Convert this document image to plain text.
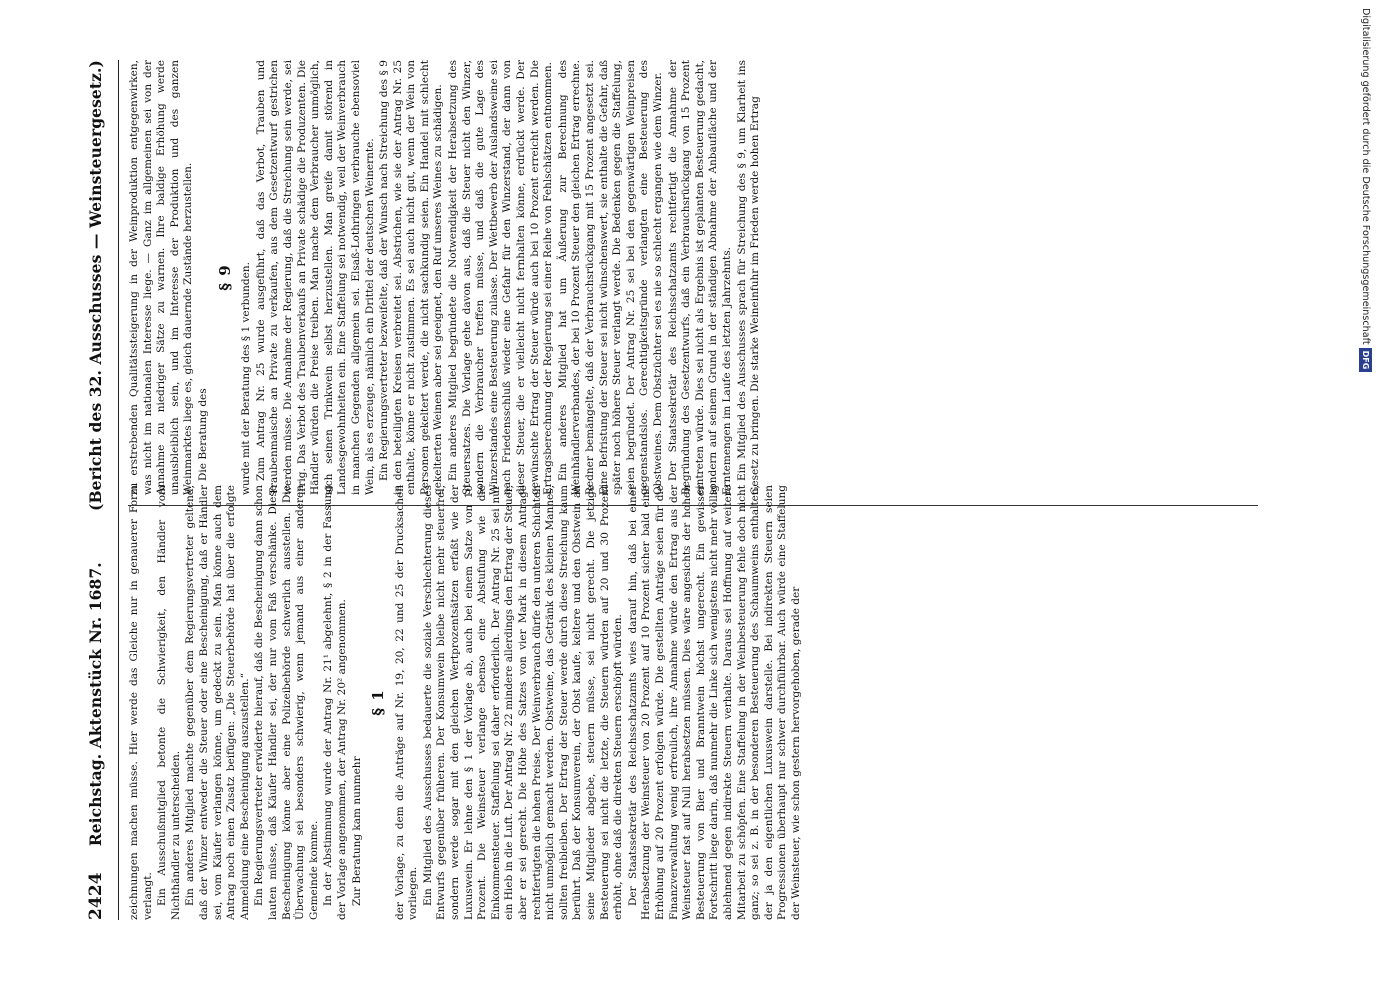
2424
Reichstag. Aktenstück Nr. 1687.
(Bericht des 32. Ausschusses — Weinsteuergesetz.)

zeichnungen machen müsse. Hier werde das Gleiche nur in genauerer Form verlangt. Ein Ausschußmitglied betonte die Schwierigkeit, den Händler vom Nichthändler zu unterscheiden. Ein anderes Mitglied machte gegenüber dem Regierungsvertreter geltend, daß der Winzer entweder die Steuer oder eine Bescheinigung, daß er Händler sei, vom Käufer verlangen könne, um gedeckt zu sein. Man könne auch dem Antrag noch einen Zusatz beifügen: „Die Steuerbehörde hat über die erfolgte Anmeldung eine Bescheinigung auszustellen.“ Ein Regierungsvertreter erwiderte hierauf, daß die Bescheinigung dann schon lauten müsse, daß Käufer Händler sei, der nur vom Faß verschänke. Diese Bescheinigung könne aber eine Polizeibehörde schwerlich ausstellen. Die Überwachung sei besonders schwierig, wenn jemand aus einer anderen Gemeinde komme. In der Abstimmung wurde der Antrag Nr. 21¹ abgelehnt, § 2 in der Fassung der Vorlage angenommen, der Antrag Nr. 20² angenommen. Zur Beratung kam nunmehr

§ 1 der Vorlage, zu dem die Anträge auf Nr. 19, 20, 22 und 25 der Drucksachen vorliegen. Ein Mitglied des Ausschusses bedauerte die soziale Verschlechterung dieses Entwurfs gegenüber früheren. Der Konsumwein bleibe nicht mehr steuerfrei, sondern werde sogar mit den gleichen Wertprozentsätzen erfaßt wie der Luxuswein. Er lehne den § 1 der Vorlage ab, auch bei einem Satze von 10 Prozent. Die Weinsteuer verlange ebenso eine Abstufung wie die Einkommensteuer. Staffelung sei daher erforderlich. Der Antrag Nr. 25 sei nur ein Hieb in die Luft. Der Antrag Nr. 22 mindere allerdings den Ertrag der Steuer, aber er sei gerecht. Die Höhe des Satzes von vier Mark in diesem Antrage rechtfertigten die hohen Preise. Der Weinverbrauch dürfe den unteren Schichten nicht unmöglich gemacht werden. Obstweine, das Getränk des kleinen Mannes, sollten freibleiben. Der Ertrag der Steuer werde durch diese Streichung kaum berührt. Daß der Konsumverein, der Obst kaufe, keltere und den Obstwein an seine Mitglieder abgebe, steuern müsse, sei nicht gerecht. Die jetzige Besteuerung sei nicht die letzte, die Steuern würden auf 20 und 30 Prozent erhöht, ohne daß die direkten Steuern erschöpft würden. Der Staatssekretär des Reichsschatzamts wies darauf hin, daß bei einer Herabsetzung der Weinsteuer von 20 Prozent auf 10 Prozent sicher bald eine Erhöhung auf 20 Prozent erfolgen würde. Die gestellten Anträge seien für die Finanzverwaltung wenig erfreulich, ihre Annahme würde den Ertrag aus der Weinsteuer fast auf Null herabsetzen müssen. Dies wäre angesichts der hohen Besteuerung von Bier und Branntwein höchst ungerecht. Ein gewisser Fortschritt liege darin, daß nunmehr die Linke sich wenigstens nicht mehr völlig ablehnend gegen indirekte Steuern verhalte. Daraus sei Hoffnung auf weitere Mitarbeit zu schöpfen. Eine Staffelung in der Weinbesteuerung fehle doch nicht ganz; so sei z. B. in der besonderen Besteuerung des Schaumweins enthalten, der ja den eigentlichen Luxuswein darstelle. Bei indirekten Steuern seien Progressionen überhaupt nur schwer durchführbar. Auch würde eine Staffelung der Weinsteuer, wie schon gestern hervorgehoben, gerade der

zu erstrebenden Qualitätssteigerung in der Weinproduktion entgegenwirken, was nicht im nationalen Interesse liege. — Ganz im allgemeinen sei von der Annahme zu niedriger Sätze zu warnen. Ihre baldige Erhöhung werde unausbleiblich sein, und im Interesse der Produktion und des ganzen Weinmarktes liege es, gleich dauernde Zustände herzustellen. Die Beratung des

§ 9 wurde mit der Beratung des § 1 verbunden. Zum Antrag Nr. 25 wurde ausgeführt, daß das Verbot, Trauben und Traubenmaische an Private zu verkaufen, aus dem Gesetzentwurf gestrichen werden müsse. Die Annahme der Regierung, daß die Streichung sein werde, sei irrig. Das Verbot des Traubenverkaufs an Private schädige die Produzenten. Die Händler würden die Preise treiben. Man mache dem Verbraucher unmöglich, sich seinen Trinkwein selbst herzustellen. Man greife damit störend in Landesgewohnheiten ein. Eine Staffelung sei notwendig, weil der Weinverbrauch in manchen Gegenden allgemein sei. Elsaß-Lothringen verbrauche ebensoviel Wein, als es erzeuge, nämlich ein Drittel der deutschen Weinernte. Ein Regierungsvertreter bezweifelte, daß der Wunsch nach Streichung des § 9 in den beteiligten Kreisen verbreitet sei. Abstrichen, wie sie der Antrag Nr. 25 enthalte, könne er nicht zustimmen. Es sei auch nicht gut, wenn der Wein von Personen gekeltert werde, die nicht sachkundig seien. Ein Handel mit schlecht gekelterten Weinen aber sei geeignet, den Ruf unseres Weines zu schädigen. Ein anderes Mitglied begründete die Notwendigkeit der Herabsetzung des Steuersatzes. Die Vorlage gehe davon aus, daß die Steuer nicht den Winzer, sondern die Verbraucher treffen müsse, und daß die gute Lage des Winzerstandes eine Besteuerung zulasse. Der Wettbewerb der Auslandsweine sei nach Friedensschluß wieder eine Gefahr für den Winzerstand, der dann von dieser Steuer, die er vielleicht nicht fernhalten könne, erdrückt werde. Der gewünschte Ertrag der Steuer würde auch bei 10 Prozent erreicht werden. Die Ertragsberechnung der Regierung sei einer Reihe von Fehlschätzen entnommen. Ein anderes Mitglied hat um Äußerung zur Berechnung des Weinhändlerverbandes, der bei 10 Prozent Steuer den gleichen Ertrag errechne. Redner bemängelte, daß der Verbrauchsrückgang mit 15 Prozent angesetzt sei. Eine Befristung der Steuer sei nicht wünschenswert, sie enthalte die Gefahr, daß später noch höhere Steuer verlangt werde. Die Bedenken gegen die Staffelung, seien begründet. Der Antrag Nr. 25 sei bei den gegenwärtigen Weinpreisen gegenstandslos. Gerechtigkeitsgründe verlangten eine Besteuerung des Obstweines. Dem Obstzüchter sei es nie so schlecht ergangen wie dem Winzer. Der Staatssekretär des Reichsschatzamts rechtfertigt die Annahme der Begründung des Gesetzentwurfs, daß ein Verbrauchsrückgang von 15 Prozent eintreten würde. Dies sei nicht als Ergebnis ist geplanten Besteuerung gedacht, sondern auf seinem Grund in der ständigen Abnahme der Anbaufläche und der Erntemengen im Laufe des letzten Jahrzehnts. Ein Mitglied des Ausschusses sprach für Streichung des § 9, um Klarheit ins Gesetz zu bringen. Die starke Weineinfuhr im Frieden werde hohen Ertrag	Digitalisierung gefördert durch die Deutsche ForschungsgemeinschaftDFG
